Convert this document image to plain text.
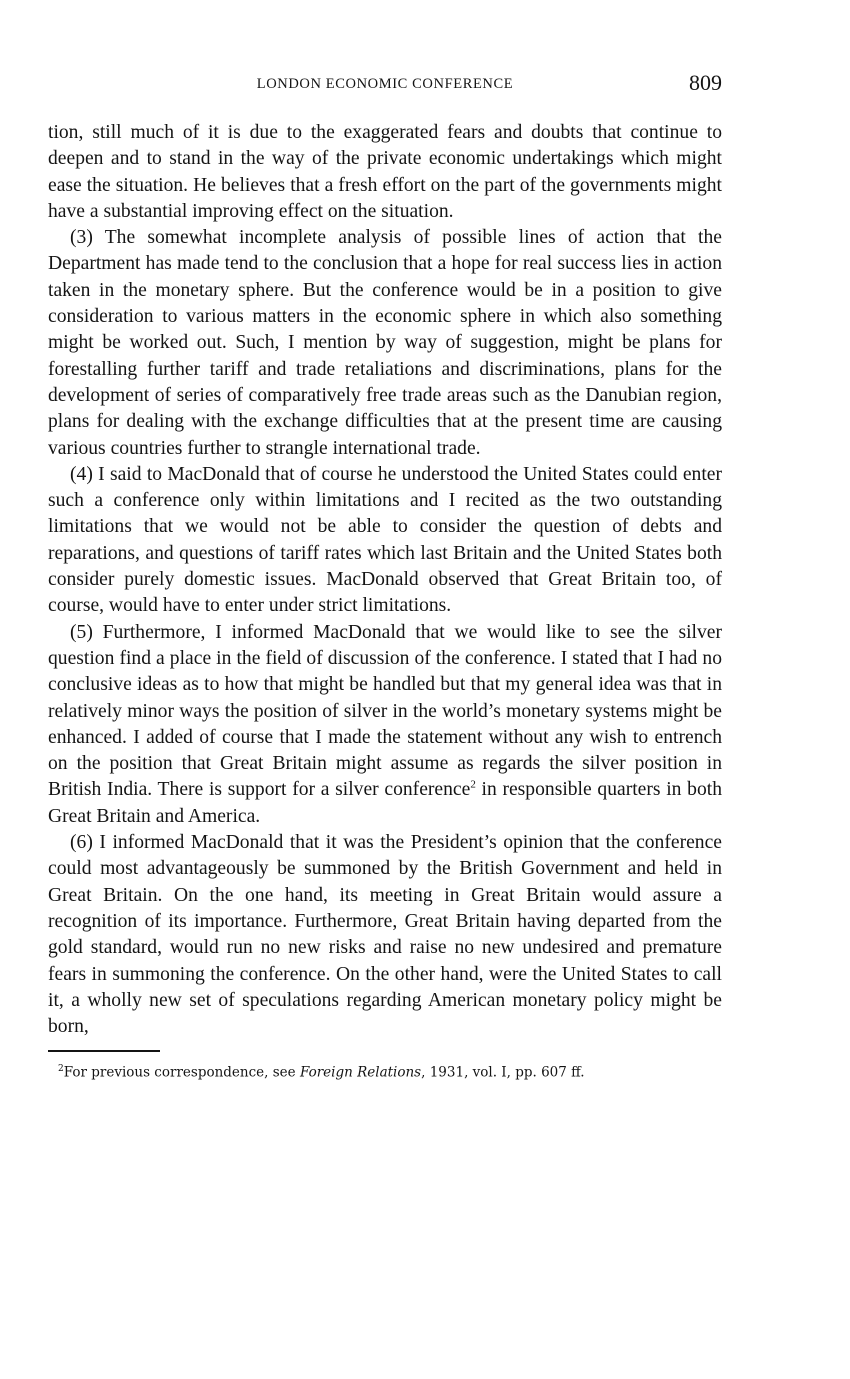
LONDON ECONOMIC CONFERENCE	809

tion, still much of it is due to the exaggerated fears and doubts that continue to deepen and to stand in the way of the private economic undertakings which might ease the situation. He believes that a fresh effort on the part of the governments might have a substantial improving effect on the situation.

(3) The somewhat incomplete analysis of possible lines of action that the Department has made tend to the conclusion that a hope for real success lies in action taken in the monetary sphere. But the conference would be in a position to give consideration to various matters in the economic sphere in which also something might be worked out. Such, I mention by way of suggestion, might be plans for forestalling further tariff and trade retaliations and discriminations, plans for the development of series of comparatively free trade areas such as the Danubian region, plans for dealing with the exchange difficulties that at the present time are causing various countries further to strangle international trade.

(4) I said to MacDonald that of course he understood the United States could enter such a conference only within limitations and I recited as the two outstanding limitations that we would not be able to consider the question of debts and reparations, and questions of tariff rates which last Britain and the United States both consider purely domestic issues. MacDonald observed that Great Britain too, of course, would have to enter under strict limitations.

(5) Furthermore, I informed MacDonald that we would like to see the silver question find a place in the field of discussion of the conference. I stated that I had no conclusive ideas as to how that might be handled but that my general idea was that in relatively minor ways the position of silver in the world’s monetary systems might be enhanced. I added of course that I made the statement without any wish to entrench on the position that Great Britain might assume as regards the silver position in British India. There is support for a silver conference$^2$ in responsible quarters in both Great Britain and America.

(6) I informed MacDonald that it was the President’s opinion that the conference could most advantageously be summoned by the British Government and held in Great Britain. On the one hand, its meeting in Great Britain would assure a recognition of its importance. Furthermore, Great Britain having departed from the gold standard, would run no new risks and raise no new undesired and premature fears in summoning the conference. On the other hand, were the United States to call it, a wholly new set of speculations regarding American monetary policy might be born,

$^2$For previous correspondence, see Foreign Relations, 1931, vol. I, pp. 607 ff.
